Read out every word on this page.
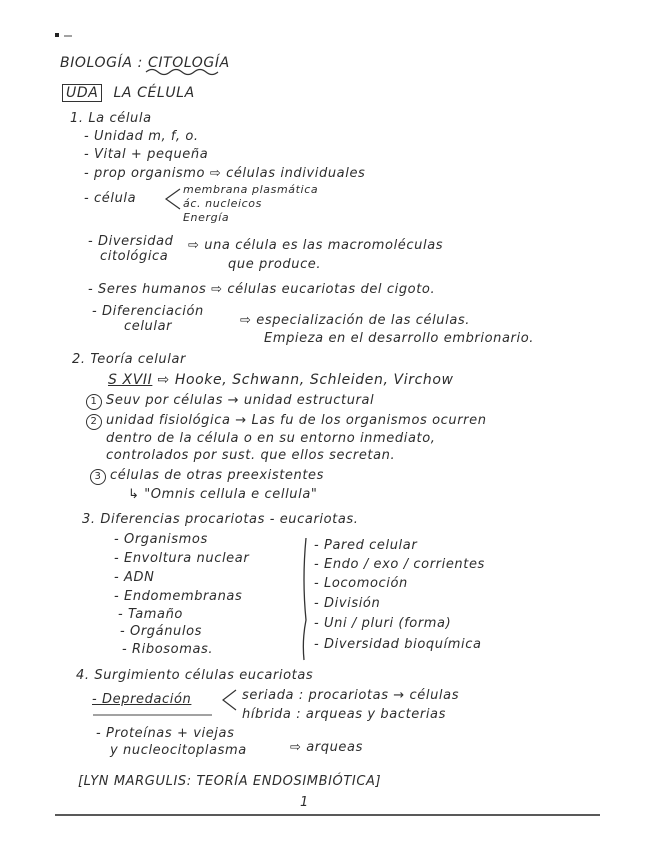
BIOLOGÍA : CITOLOGÍA
UDA LA CÉLULA
1. La célula
- Unidad m, f, o.
- Vital + pequeña
- prop organismo ⇨ células individuales
- célula
membrana plasmática
ác. nucleicos
Energía
- Diversidad
citológica
⇨ una célula es las macromoléculas
que produce.
- Seres humanos ⇨ células eucariotas del cigoto.
- Diferenciación
celular	⇨ especialización de las células.
Empieza en el desarrollo embrionario.
2. Teoría celular
S XVII ⇨ Hooke, Schwann, Schleiden, Virchow
1 Seuv por células → unidad estructural
2 unidad fisiológica → Las fu de los organismos ocurren
dentro de la célula o en su entorno inmediato,
controlados por sust. que ellos secretan.
3 células de otras preexistentes
↳ "Omnis cellula e cellula"
3. Diferencias procariotas - eucariotas.
- Organismos
- Envoltura nuclear
- ADN
- Endomembranas
- Tamaño
- Orgánulos
- Ribosomas.
- Pared celular
- Endo / exo / corrientes
- Locomoción
- División
- Uni / pluri (forma)
- Diversidad bioquímica
4. Surgimiento células eucariotas
- Depredación	seriada : procariotas → células
híbrida : arqueas y bacterias
- Proteínas + viejas
y nucleocitoplasma	⇨ arqueas
[LYN MARGULIS: TEORÍA ENDOSIMBIÓTICA]
1
